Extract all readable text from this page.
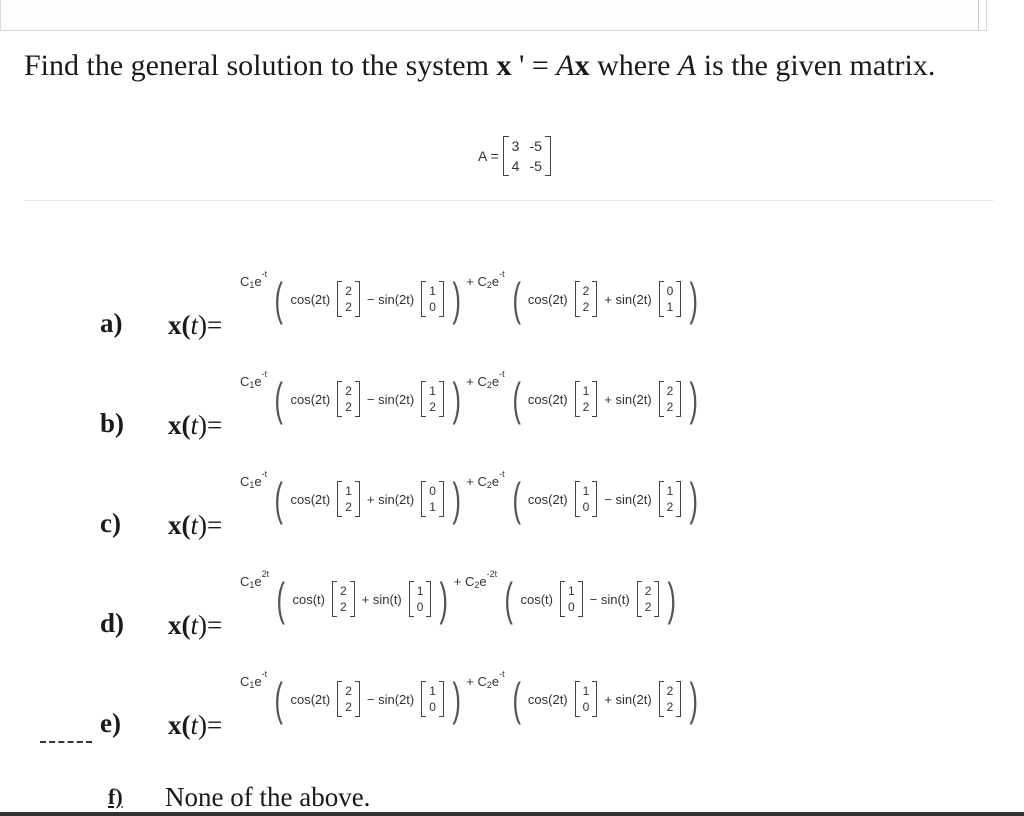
Find the general solution to the system x ' = Ax where A is the given matrix.
A =
3 -5
4 -5
a) x(t)=
$C_1$ $e^{-t}$ ( cos(2t)
2
2
− sin(2t)
1
0 ) + $C_2$ $e^{-t}$ ( cos(2t)
2
2
+ sin(2t)
0
1 )
b) x(t)=
$C_1$ $e^{-t}$ ( cos(2t)
2
2
− sin(2t)
1
2 ) + $C_2$ $e^{-t}$ ( cos(2t)
1
2
+ sin(2t)
2
2 )
c) x(t)=
$C_1$ $e^{-t}$ ( cos(2t)
1
2
+ sin(2t)
0
1 ) + $C_2$ $e^{-t}$ ( cos(2t)
1
0
− sin(2t)
1
2 )
d) x(t)=
$C_1$ $e^{2t}$ ( cos(t)
2
2
+ sin(t)
1
0 ) + $C_2$ $e^{-2t}$ ( cos(t)
1
0
− sin(t)
2
2 )
e) x(t)=
$C_1$ $e^{-t}$ ( cos(2t)
2
2
− sin(2t)
1
0 ) + $C_2$ $e^{-t}$ ( cos(2t)
1
0
+ sin(2t)
2
2 )
f) None of the above.
